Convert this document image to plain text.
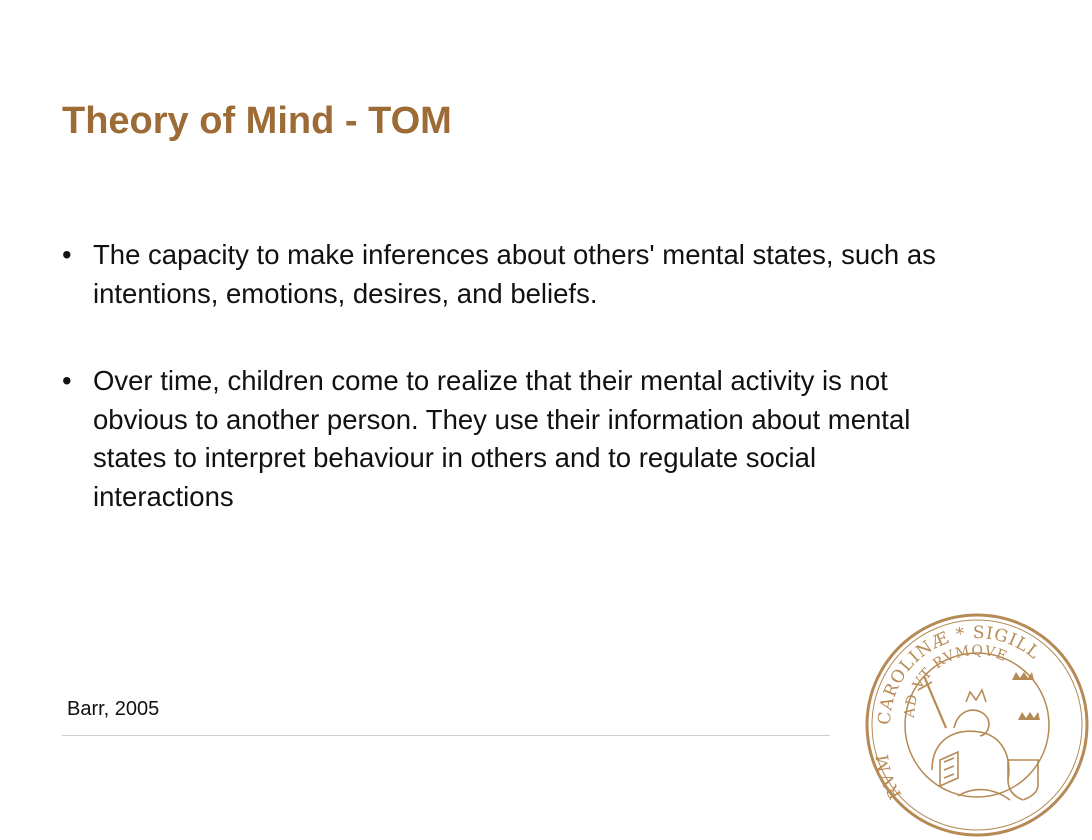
Theory of Mind - TOM
• The capacity to make inferences about others' mental states, such as intentions, emotions, desires, and beliefs.
• Over time, children come to realize that their mental activity is not obvious to another person. They use their information about mental states to interpret behaviour in others and to regulate social interactions

Barr, 2005	CAROLINÆ * SIGILL
AD VT RVMQVE
RVM
